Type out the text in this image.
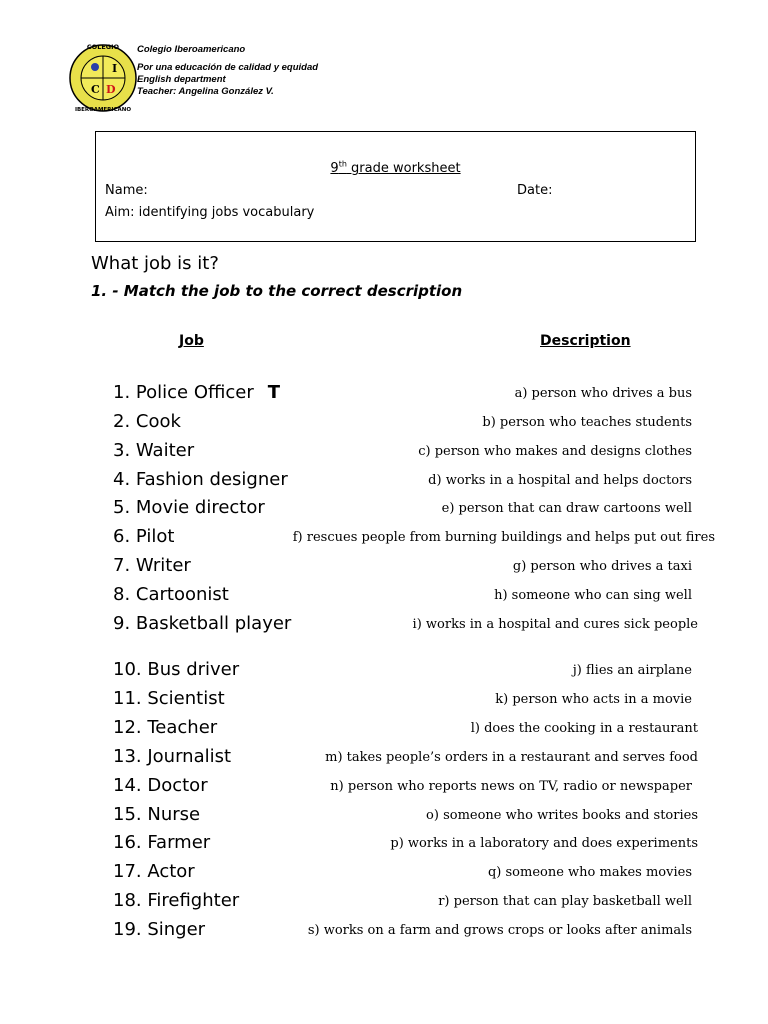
I
C D
COLEGIO
IBEROAMERICANO
Colegio Iberoamericano
Por una educación de calidad y equidad
English department
Teacher: Angelina González V.
9th grade worksheet
Name:	Date:
Aim: identifying jobs vocabulary
What job is it?
1. - Match the job to the correct description
Job	Description
1. Police Officer T	a) person who drives a bus
2. Cook	b) person who teaches students
3. Waiter	c) person who makes and designs clothes
4. Fashion designer	d) works in a hospital and helps doctors
5. Movie director	e) person that can draw cartoons well
6. Pilot	f) rescues people from burning buildings and helps put out fires
7. Writer	g) person who drives a taxi
8. Cartoonist	h) someone who can sing well
9. Basketball player	i) works in a hospital and cures sick people
10. Bus driver	j) flies an airplane
11. Scientist	k) person who acts in a movie
12. Teacher	l) does the cooking in a restaurant
13. Journalist	m) takes people’s orders in a restaurant and serves food
14. Doctor	n) person who reports news on TV, radio or newspaper
15. Nurse	o) someone who writes books and stories
16. Farmer	p) works in a laboratory and does experiments
17. Actor	q) someone who makes movies
18. Firefighter	r) person that can play basketball well
19. Singer	s) works on a farm and grows crops or looks after animals
